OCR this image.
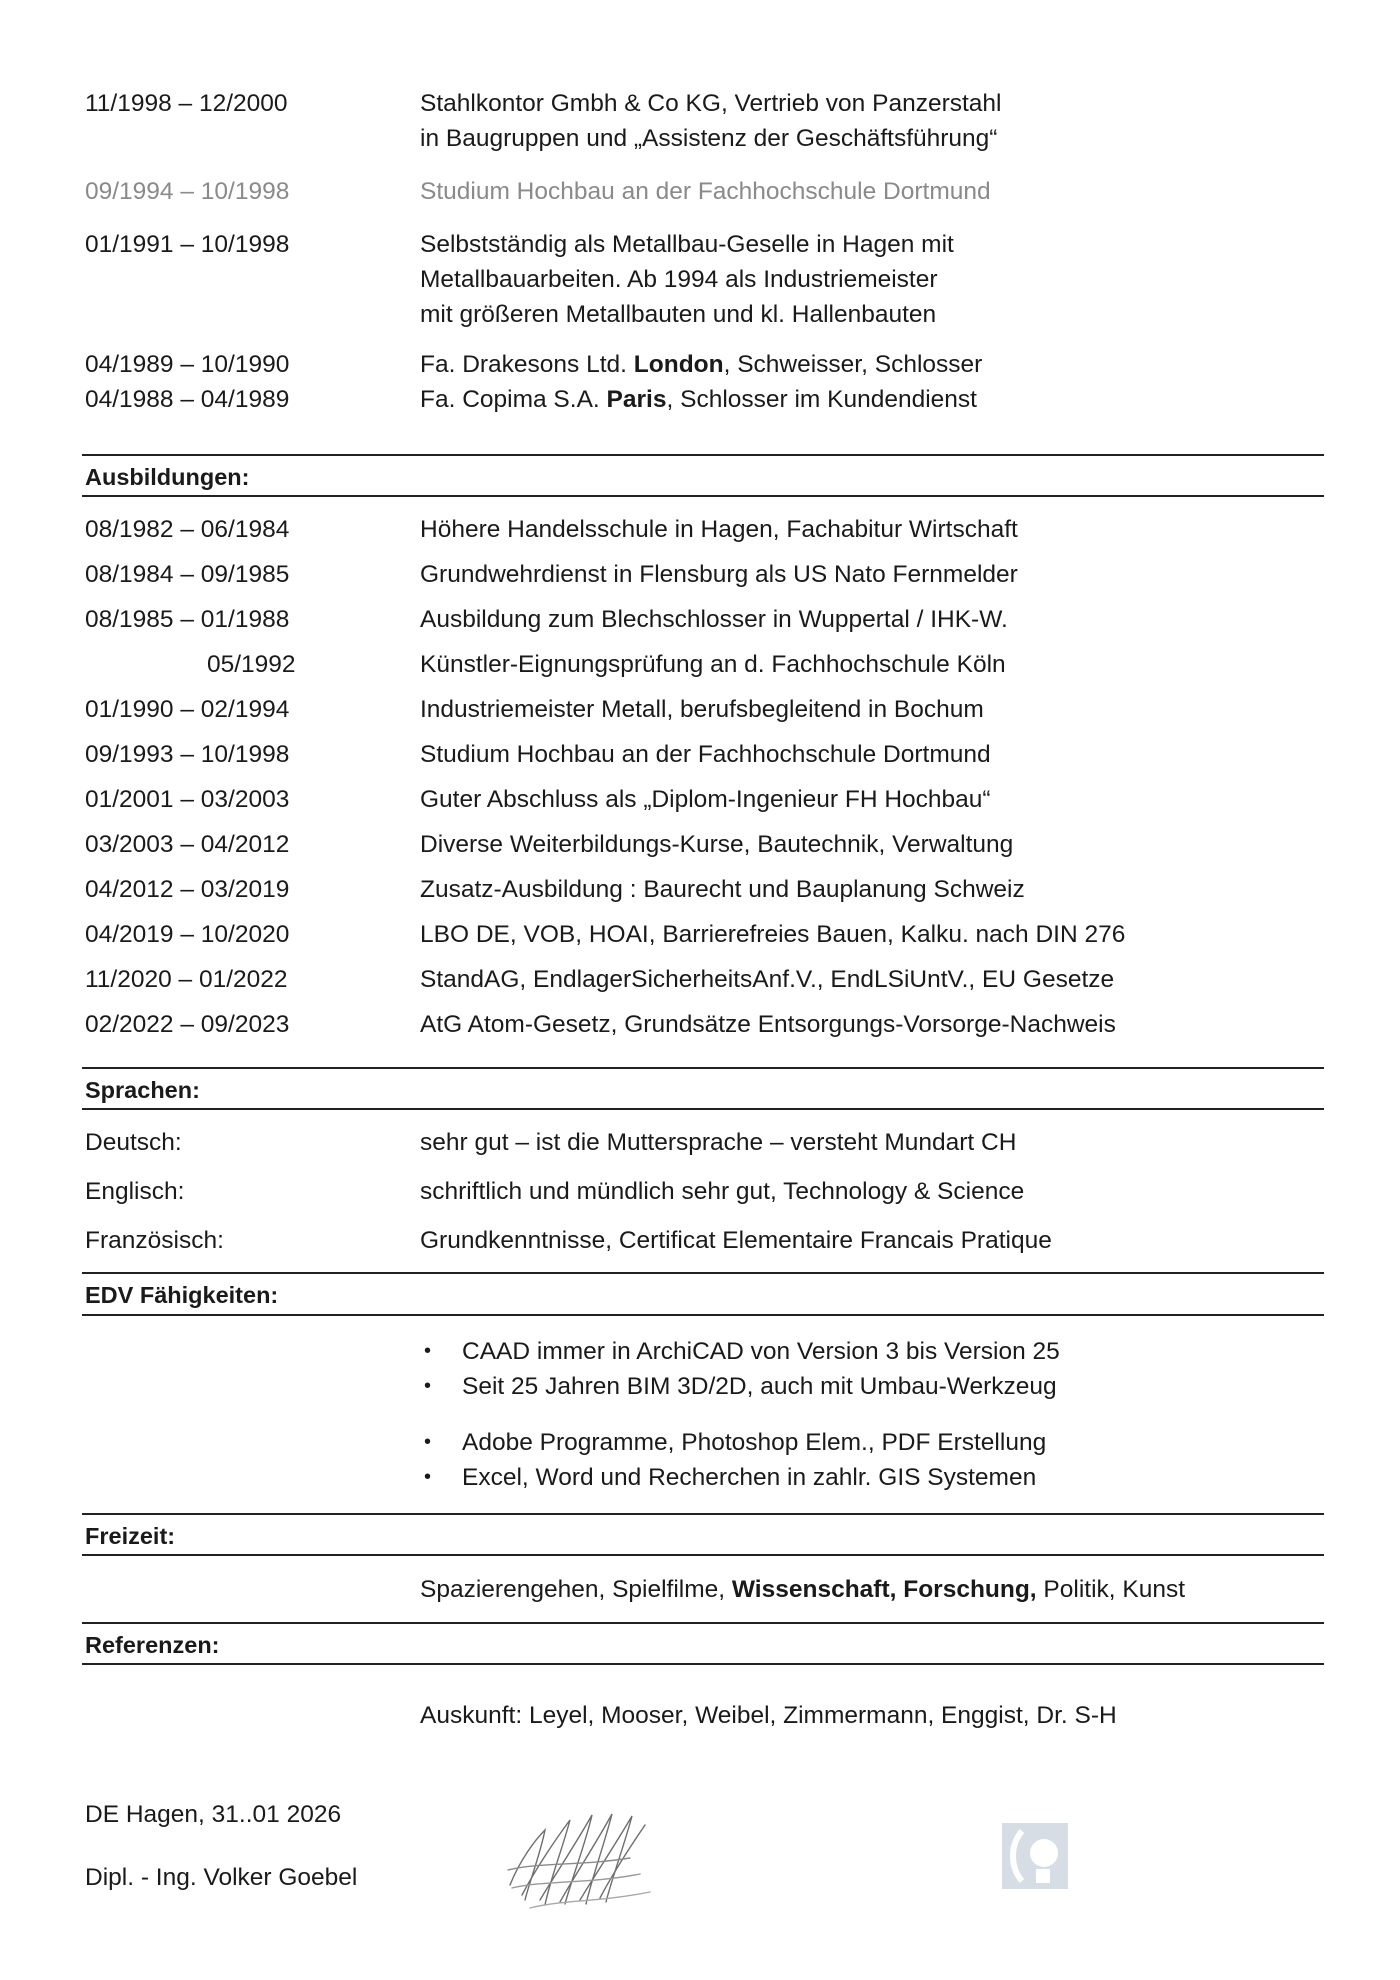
11/1998 – 12/2000	Stahlkontor Gmbh & Co KG, Vertrieb von Panzerstahl
in Baugruppen und „Assistenz der Geschäftsführung“
09/1994 – 10/1998	Studium Hochbau an der Fachhochschule Dortmund
01/1991 – 10/1998	Selbstständig als Metallbau-Geselle in Hagen mit
Metallbauarbeiten. Ab 1994 als Industriemeister
mit größeren Metallbauten und kl. Hallenbauten
04/1989 – 10/1990	Fa. Drakesons Ltd. London, Schweisser, Schlosser
04/1988 – 04/1989	Fa. Copima S.A. Paris, Schlosser im Kundendienst
Ausbildungen:
08/1982 – 06/1984	Höhere Handelsschule in Hagen, Fachabitur Wirtschaft
08/1984 – 09/1985	Grundwehrdienst in Flensburg als US Nato Fernmelder
08/1985 – 01/1988	Ausbildung zum Blechschlosser in Wuppertal / IHK-W.
05/1992	Künstler-Eignungsprüfung an d. Fachhochschule Köln
01/1990 – 02/1994	Industriemeister Metall, berufsbegleitend in Bochum
09/1993 – 10/1998	Studium Hochbau an der Fachhochschule Dortmund
01/2001 – 03/2003	Guter Abschluss als „Diplom-Ingenieur FH Hochbau“
03/2003 – 04/2012	Diverse Weiterbildungs-Kurse, Bautechnik, Verwaltung
04/2012 – 03/2019	Zusatz-Ausbildung : Baurecht und Bauplanung Schweiz
04/2019 – 10/2020	LBO DE, VOB, HOAI, Barrierefreies Bauen, Kalku. nach DIN 276
11/2020 – 01/2022	StandAG, EndlagerSicherheitsAnf.V., EndLSiUntV., EU Gesetze
02/2022 – 09/2023	AtG Atom-Gesetz, Grundsätze Entsorgungs-Vorsorge-Nachweis
Sprachen:
Deutsch:	sehr gut – ist die Muttersprache – versteht Mundart CH
Englisch:	schriftlich und mündlich sehr gut, Technology & Science
Französisch:	Grundkenntnisse, Certificat Elementaire Francais Pratique
EDV Fähigkeiten:
• CAAD immer in ArchiCAD von Version 3 bis Version 25
• Seit 25 Jahren BIM 3D/2D, auch mit Umbau-Werkzeug
• Adobe Programme, Photoshop Elem., PDF Erstellung
• Excel, Word und Recherchen in zahlr. GIS Systemen
Freizeit:
Spazierengehen, Spielfilme, Wissenschaft, Forschung, Politik, Kunst
Referenzen:
Auskunft: Leyel, Mooser, Weibel, Zimmermann, Enggist, Dr. S-H
DE Hagen, 31..01 2026
Dipl. - Ing. Volker Goebel
